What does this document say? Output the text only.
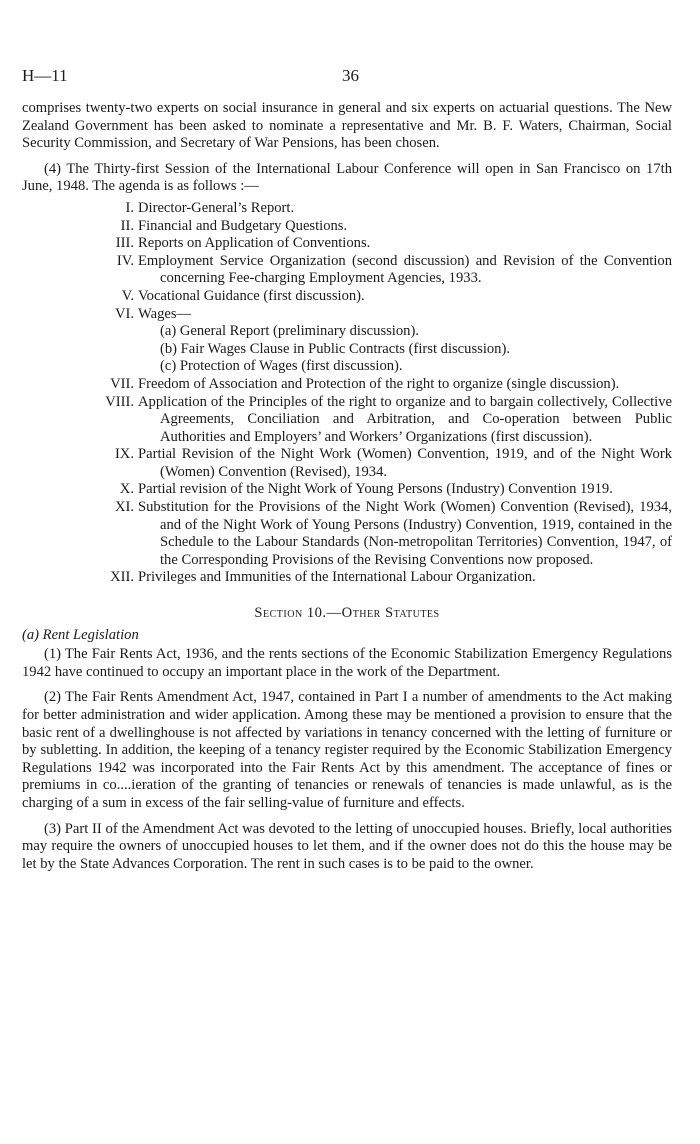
H—11	36

comprises twenty-two experts on social insurance in general and six experts on actuarial questions. The New Zealand Government has been asked to nominate a representative and Mr. B. F. Waters, Chairman, Social Security Commission, and Secretary of War Pensions, has been chosen.

(4) The Thirty-first Session of the International Labour Conference will open in San Francisco on 17th June, 1948. The agenda is as follows :—

I. Director-General’s Report.
II. Financial and Budgetary Questions.
III. Reports on Application of Conventions.
IV. Employment Service Organization (second discussion) and Revision of the Convention concerning Fee-charging Employment Agencies, 1933.
V. Vocational Guidance (first discussion).
VI. Wages—
(a) General Report (preliminary discussion).
(b) Fair Wages Clause in Public Contracts (first discussion).
(c) Protection of Wages (first discussion).
VII. Freedom of Association and Protection of the right to organize (single discussion).
VIII. Application of the Principles of the right to organize and to bargain collectively, Collective Agreements, Conciliation and Arbitration, and Co-operation between Public Authorities and Employers’ and Workers’ Organizations (first discussion).
IX. Partial Revision of the Night Work (Women) Convention, 1919, and of the Night Work (Women) Convention (Revised), 1934.
X. Partial revision of the Night Work of Young Persons (Industry) Convention 1919.
XI. Substitution for the Provisions of the Night Work (Women) Convention (Revised), 1934, and of the Night Work of Young Persons (Industry) Convention, 1919, contained in the Schedule to the Labour Standards (Non-metropolitan Territories) Convention, 1947, of the Corresponding Provisions of the Revising Conventions now proposed.
XII. Privileges and Immunities of the International Labour Organization.
Section 10.—Other Statutes
(a) Rent Legislation

(1) The Fair Rents Act, 1936, and the rents sections of the Economic Stabilization Emergency Regulations 1942 have continued to occupy an important place in the work of the Department.

(2) The Fair Rents Amendment Act, 1947, contained in Part I a number of amendments to the Act making for better administration and wider application. Among these may be mentioned a provision to ensure that the basic rent of a dwellinghouse is not affected by variations in tenancy concerned with the letting of furniture or by subletting. In addition, the keeping of a tenancy register required by the Economic Stabilization Emergency Regulations 1942 was incorporated into the Fair Rents Act by this amendment. The acceptance of fines or premiums in co....ieration of the granting of tenancies or renewals of tenancies is made unlawful, as is the charging of a sum in excess of the fair selling-value of furniture and effects.

(3) Part II of the Amendment Act was devoted to the letting of unoccupied houses. Briefly, local authorities may require the owners of unoccupied houses to let them, and if the owner does not do this the house may be let by the State Advances Corporation. The rent in such cases is to be paid to the owner.
